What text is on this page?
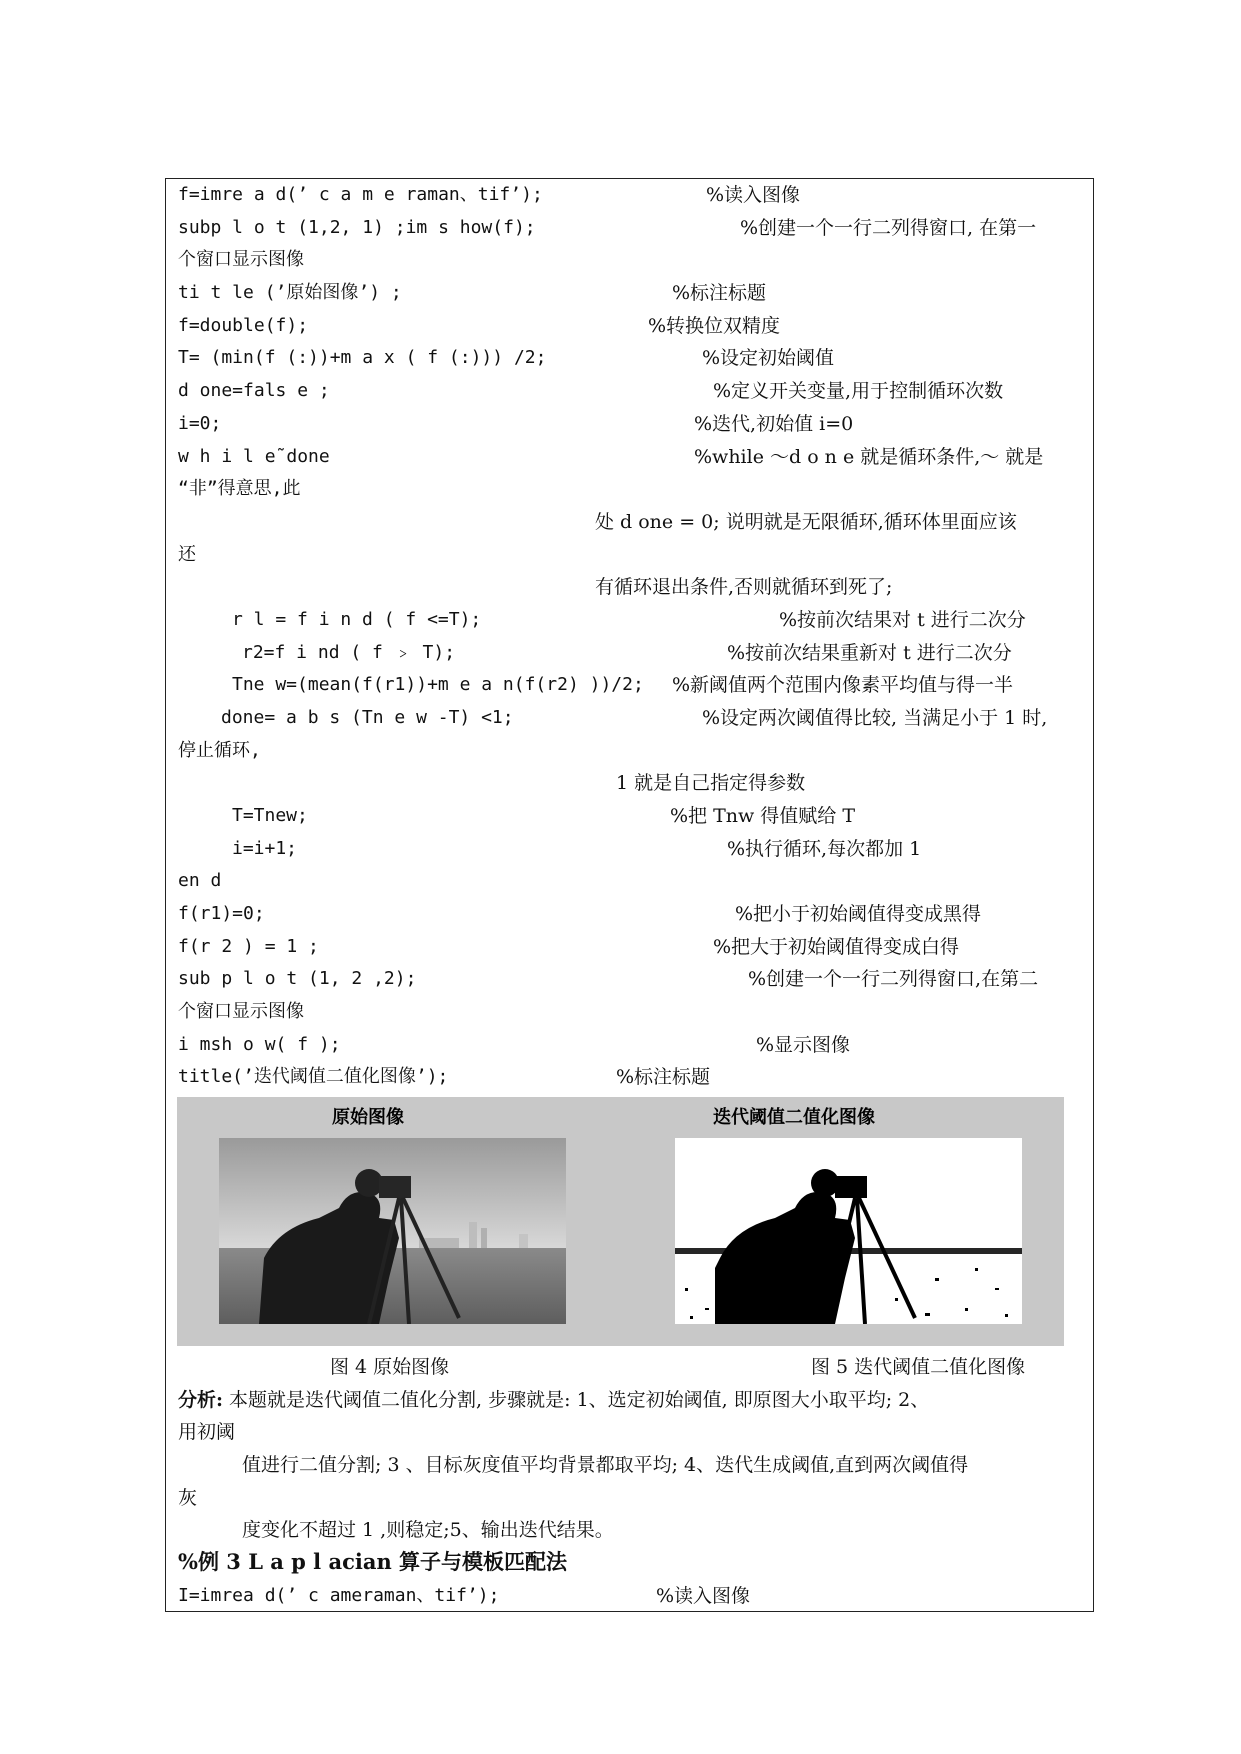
f=imre a d(’ c a m e raman、tif’);	%读入图像
subp l o t (1,2, 1) ;im s how(f);	%创建一个一行二列得窗口, 在第一
个窗口显示图像
ti t le (’原始图像’) ;	%标注标题
f=double(f);	%转换位双精度
T= (min(f (:))+m a x ( f (:))) /2;	%设定初始阈值
d one=fals e ;	%定义开关变量,用于控制循环次数
i=0;	%迭代,初始值 i=0
w h i l e˜done	%while ～d o n e 就是循环条件,～ 就是
“非”得意思,此
处 d one = 0; 说明就是无限循环,循环体里面应该
还
有循环退出条件,否则就循环到死了;
r l = f i n d ( f <=T);	%按前次结果对 t 进行二次分
r2=f i nd ( f ﹥ T);	%按前次结果重新对 t 进行二次分
Tne w=(mean(f(r1))+m e a n(f(r2) ))/2; %新阈值两个范围内像素平均值与得一半
done= a b s (Tn e w -T) <1;	%设定两次阈值得比较, 当满足小于 1 时,
停止循环,
1 就是自己指定得参数
T=Tnew;	%把 Tnw 得值赋给 T
i=i+1;	%执行循环,每次都加 1
en d
f(r1)=0;	%把小于初始阈值得变成黑得
f(r 2 ) = 1 ;	%把大于初始阈值得变成白得
sub p l o t (1, 2 ,2);	%创建一个一行二列得窗口,在第二
个窗口显示图像
i msh o w( f );	%显示图像
title(’迭代阈值二值化图像’);	%标注标题
原始图像	迭代阈值二值化图像
图 4 原始图像	图 5 迭代阈值二值化图像
分析: 本题就是迭代阈值二值化分割, 步骤就是: 1、选定初始阈值, 即原图大小取平均; 2、
用初阈
值进行二值分割; 3 、目标灰度值平均背景都取平均; 4、迭代生成阈值,直到两次阈值得
灰
度变化不超过 1 ,则稳定;5、输出迭代结果。
%例 3 L a p l acian 算子与模板匹配法
I=imrea d(’ c ameraman、tif’);	%读入图像
